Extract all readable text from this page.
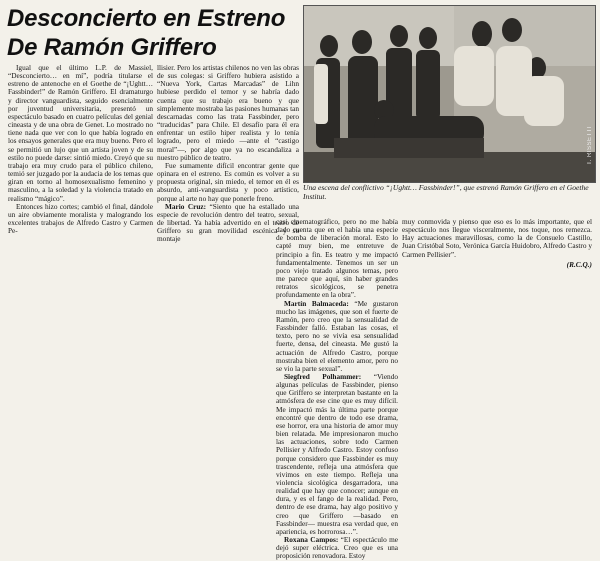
Desconcierto en Estreno
De Ramón Griffero

Igual que el último L.P. de Massiel, “Desconcierto… en mí”, podría titularse el estreno de antenoche en el Goethe de “¡Ughtt… Fassbinder!” de Ramón Griffero. El dramaturgo y director vanguardista, seguido esencialmente por juventud universitaria, presentó un espectáculo basado en cuatro películas del genial cineasta y de una obra de Genet. Lo mostrado no tiene nada que ver con lo que había logrado en los ensayos generales que era muy bueno. Pero el se permitió un lujo que un artista joven y de su estilo no puede darse: sintió miedo. Creyó que su trabajo era muy crudo para el público chileno, temió ser juzgado por la audacia de los temas que giran en torno al homosexualismo femenino y masculino, a la soledad y la violencia tratado en realismo “mágico”.

Entonces hizo cortes; cambió el final, dándole un aire obviamente moralista y malogrando los excelentes trabajos de Alfredo Castro y Carmen Pe-

llisier. Pero los artistas chilenos no ven las obras de sus colegas: si Griffero hubiera asistido a “Nueva York, Cartas Marcadas” de Lihn hubiese perdido el temor y se habría dado cuenta que su trabajo era bueno y que simplemente mostraba las pasiones humanas tan descarnadas como las trata Fassbinder, pero “traducidas” para Chile. El desafío para él era enfrentar un estilo hiper realista y lo tenía logrado, pero el miedo —ante el “castigo moral”—, por algo que ya no escandaliza a nuestro público de teatro.

Fue sumamente difícil encontrar gente que opinara en el estreno. Es común es volver a su propuesta original, sin miedo, el temor en él es absurdo, anti-vanguardista y poco artístico, porque al arte no hay que ponerle freno.

Mario Cruz: “Siento que ha estallado una especie de revolución dentro del teatro, sexual, de libertad. Ya había advertido en el teatro de Griffero su gran movilidad escénica y su montaje

T. RISSETTI
Una escena del conflictivo “¡Ughtt… Fassbinder!”, que estrenó Ramón Griffero en el Goethe Institut.

casi cinematográfico, pero no me había dado cuenta que en el había una especie de bomba de liberación moral. Esto lo capté muy bien, me entretuve de principio a fin. Es teatro y me impactó fundamentalmente. Tenemos un ser un poco viejo tratado algunos temas, pero me parece que aquí, sin haber grandes retratos sicológicos, se penetra profundamente en la obra”.

Martín Balmaceda: “Me gustaron mucho las imágenes, que son el fuerte de Ramón, pero creo que la sensualidad de Fassbinder falló. Estaban las cosas, el texto, pero no se vivía esa sensualidad fuerte, densa, del cineasta. Me gustó la actuación de Alfredo Castro, porque mostraba bien el elemento amor, pero no se vio la parte sexual”.

Siegfred Polhammer: “Viendo algunas películas de Fassbinder, pienso que Griffero se interpretan bastante en la atmósfera de ese cine que es muy difícil. Me impactó más la última parte porque encontré que dentro de todo ese drama, ese horror, era una historia de amor muy bien relatada. Me impresionaron mucho las actuaciones, sobre todo Carmen Pellisier y Alfredo Castro. Estoy confuso porque considero que Fassbinder es muy trascendente, refleja una atmósfera que vivimos en este tiempo. Refleja una violencia sicológica desgarradora, una realidad que hay que conocer; aunque en dura, y es el fango de la realidad. Pero, dentro de ese drama, hay algo positivo y creo que Griffero —basado en Fassbinder— muestra esa verdad que, en apariencia, es horrorosa…”.

Roxana Campos: “El espectáculo me dejó super eléctrica. Creo que es una proposición renovadora. Estoy

muy conmovida y pienso que eso es lo más importante, que el espectáculo nos llegue visceralmente, nos toque, nos remezca. Hay actuaciones maravillosas, como la de Consuelo Castillo, Juan Cristóbal Soto, Verónica García Huidobro, Alfredo Castro y Carmen Pellisier”.

(R.C.Q.)
